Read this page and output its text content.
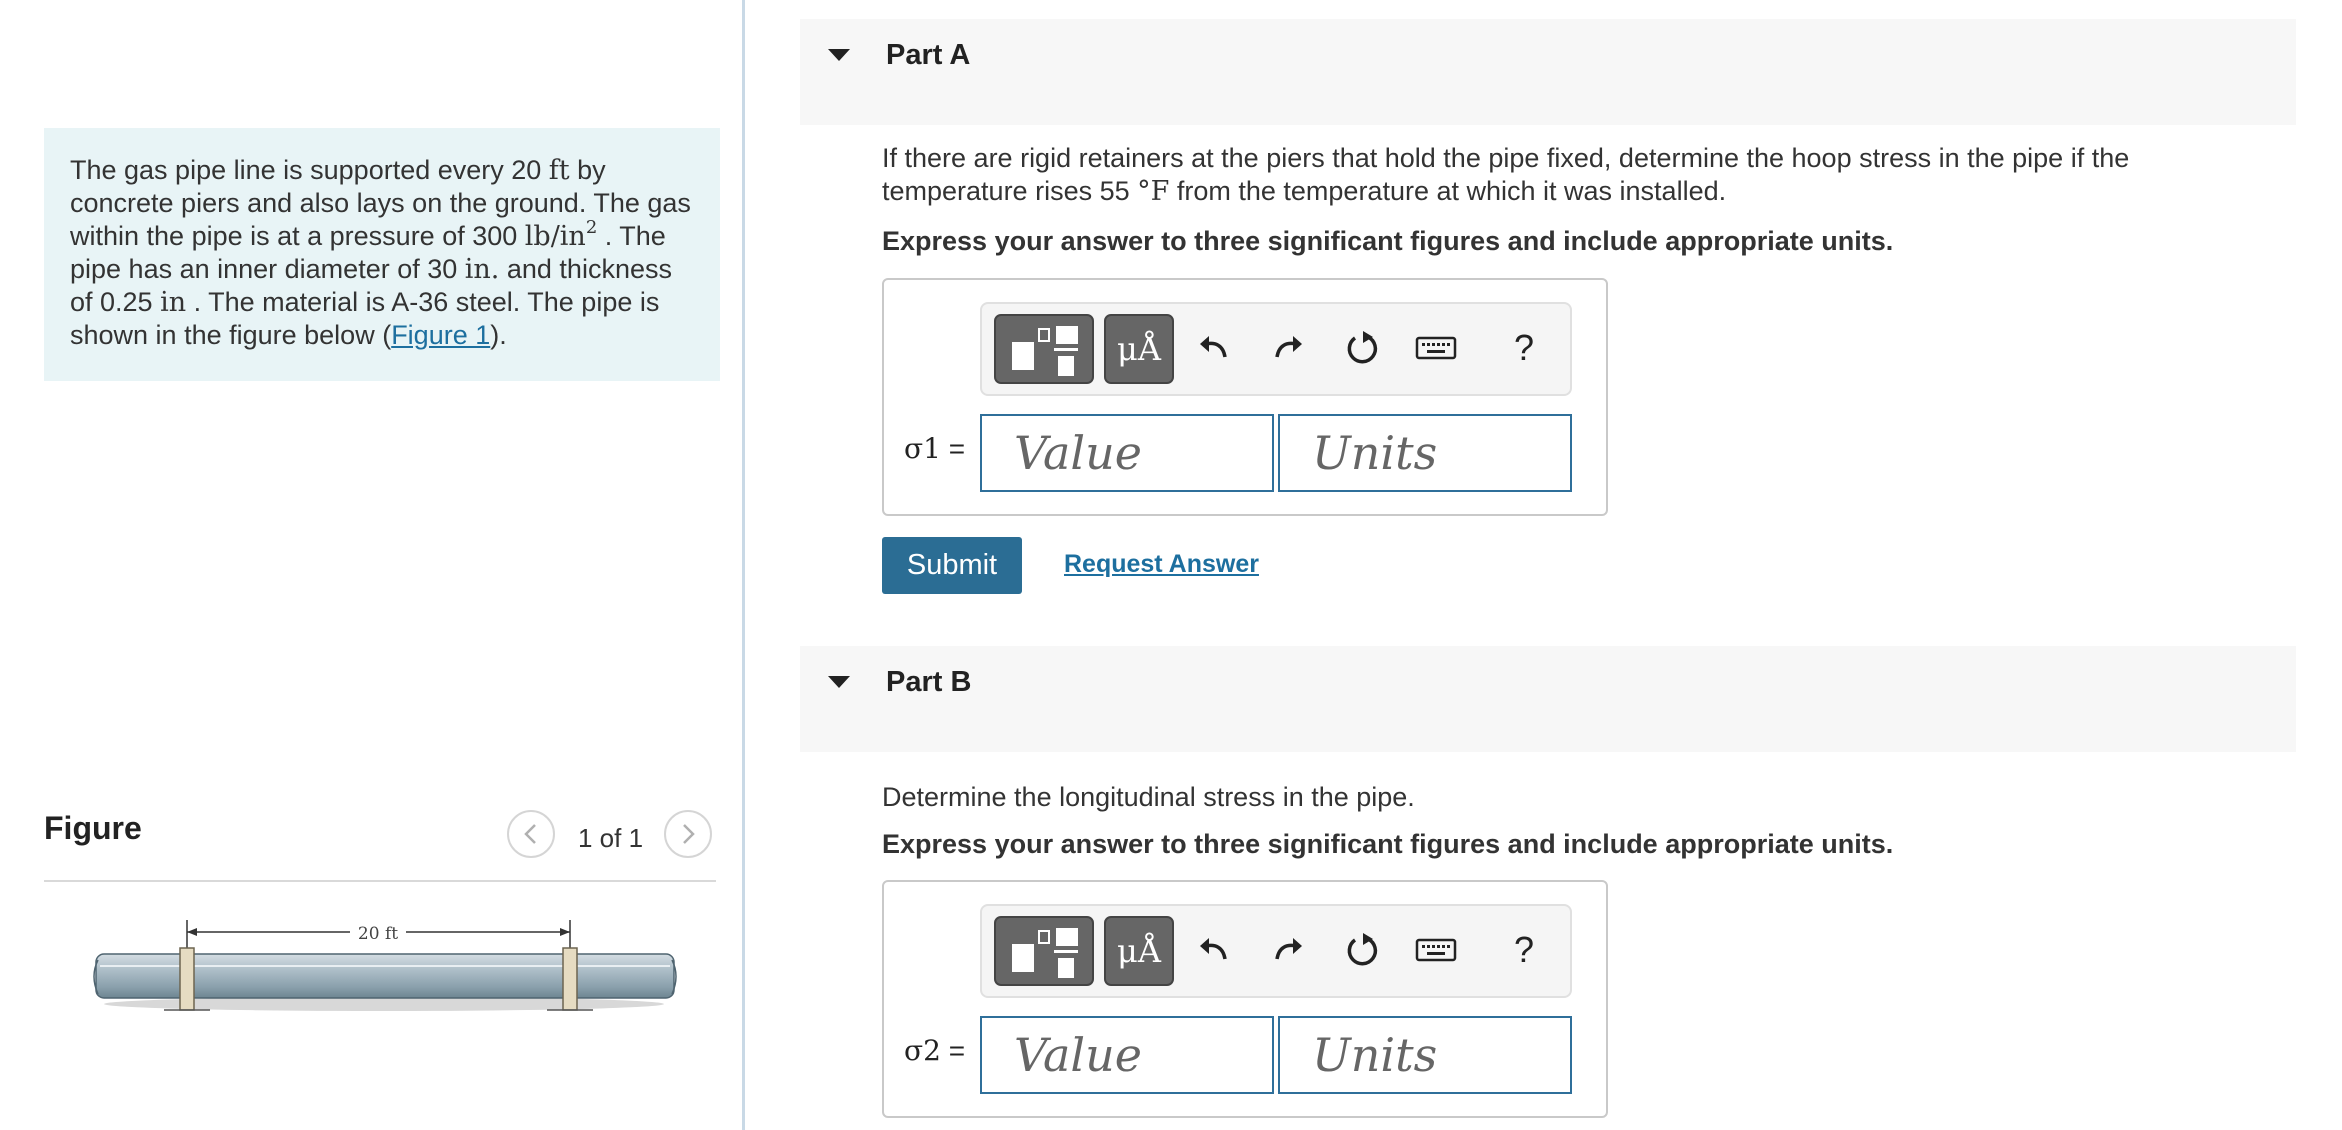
The gas pipe line is supported every 20 ft by concrete piers and also lays on the ground. The gas within the pipe is at a pressure of 300 $lb/in^2$ . The pipe has an inner diameter of 30 in. and thickness of 0.25 in . The material is A-36 steel. The pipe is shown in the figure below (Figure 1).
Figure	1 of 1
20 ft
Part A
If there are rigid retainers at the piers that hold the pipe fixed, determine the hoop stress in the pipe if the temperature rises 55 °F from the temperature at which it was installed.
Express your answer to three significant figures and include appropriate units.
μÅ	?
σ1 =
Value
Units
Submit	Request Answer
Part B
Determine the longitudinal stress in the pipe.
Express your answer to three significant figures and include appropriate units.
μÅ	?
σ2 =
Value
Units
